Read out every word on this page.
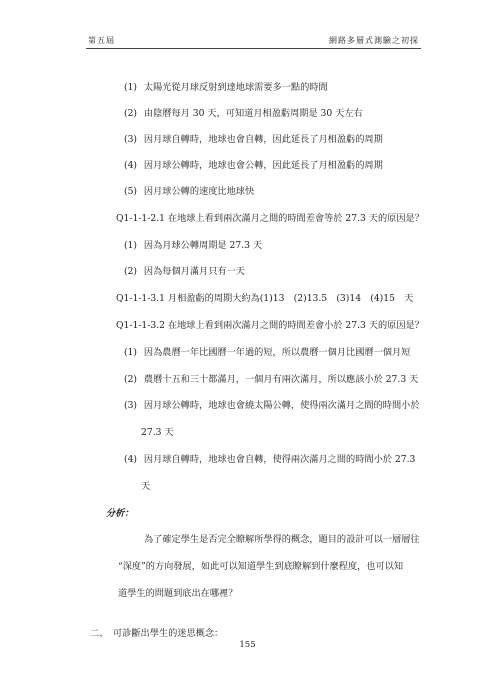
第五屆	網路多層式測驗之初探
(1) 太陽光從月球反射到達地球需要多一點的時間
(2) 由陰曆每月 30 天，可知道月相盈虧周期是 30 天左右
(3) 因月球自轉時，地球也會自轉，因此延長了月相盈虧的周期
(4) 因月球公轉時，地球也會公轉，因此延長了月相盈虧的周期
(5) 因月球公轉的速度比地球快
Q1-1-1-2.1 在地球上看到兩次滿月之間的時間差會等於 27.3 天的原因是？
(1) 因為月球公轉周期是 27.3 天
(2) 因為每個月滿月只有一天
Q1-1-1-3.1 月相盈虧的周期大約為(1)13　(2)13.5　(3)14　(4)15　天
Q1-1-1-3.2 在地球上看到兩次滿月之間的時間差會小於 27.3 天的原因是？
(1) 因為農曆一年比國曆一年過的短，所以農曆一個月比國曆一個月短
(2) 農曆十五和三十都滿月，一個月有兩次滿月，所以應該小於 27.3 天
(3) 因月球公轉時，地球也會繞太陽公轉，使得兩次滿月之間的時間小於
27.3 天
(4) 因月球自轉時，地球也會自轉，使得兩次滿月之間的時間小於 27.3
天
分析：
為了確定學生是否完全瞭解所學得的概念，題目的設計可以一層層往
“深度”的方向發展，如此可以知道學生到底瞭解到什麼程度，也可以知
道學生的問題到底出在哪裡？
二、　可診斷出學生的迷思概念：
155
